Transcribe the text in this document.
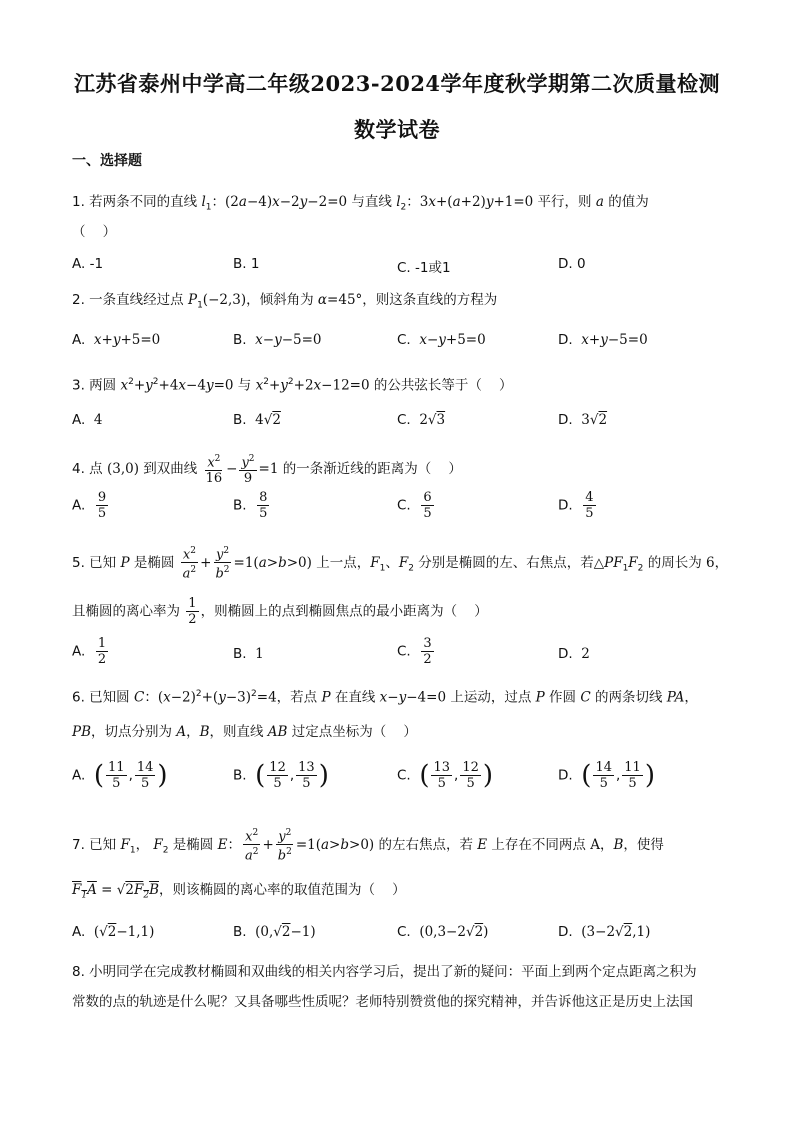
江苏省泰州中学高二年级2023-2024学年度秋学期第二次质量检测
数学试卷
一、选择题
1. 若两条不同的直线 $l_1$：(2a−4)x−2y−2=0 与直线 $l_2$：3x+(a+2)y+1=0 平行，则 a 的值为
（    ）
A. -1	B. 1	C. -1或1	D. 0
2. 一条直线经过点 $P_1(-2,3)$，倾斜角为 α=45°，则这条直线的方程为
A.  x+y+5=0	B.  x−y−5=0	C.  x−y+5=0	D.  x+y−5=0
3. 两圆 $x^2+y^2+4x-4y=0$ 与 $x^2+y^2+2x-12=0$ 的公共弦长等于（    ）
A.  4	B.  4√2	C.  2√3	D.  3√2
4. 点 (3,0) 到双曲线 $\frac{x^2}{16} - \frac{y^2}{9} =1$ 的一条渐近线的距离为（    ）
A. $\frac{9}{5}$	B. $\frac{8}{5}$	C. $\frac{6}{5}$	D. $\frac{4}{5}$
5. 已知 P 是椭圆 $\frac{x^2}{a^2} + \frac{y^2}{b^2} =1(a>b>0)$ 上一点，$F_1$、$F_2$ 分别是椭圆的左、右焦点，若$\triangle PF_1F_2$ 的周长为 6，
且椭圆的离心率为 $\frac{1}{2}$ ，则椭圆上的点到椭圆焦点的最小距离为（    ）
A. $\frac{1}{2}$	B.  1	C. $\frac{3}{2}$	D.  2
6. 已知圆 C：$(x-2)^2+(y-3)^2=4$，若点 P 在直线 x−y−4=0 上运动，过点 P 作圆 C 的两条切线 PA，
PB，切点分别为 A，B，则直线 AB 过定点坐标为（    ）
A.  ( $\frac{11}{5}$ , $\frac{14}{5}$ )	B.  ( $\frac{12}{5}$ , $\frac{13}{5}$ )	C.  ( $\frac{13}{5}$ , $\frac{12}{5}$ )	D.  ( $\frac{14}{5}$ , $\frac{11}{5}$ )
7. 已知 $F_1$， $F_2$ 是椭圆 E： $\frac{x^2}{a^2} + \frac{y^2}{b^2} =1(a>b>0)$ 的左右焦点，若 E 上存在不同两点 A，B，使得
$F_1A = √2F_2B$，则该椭圆的离心率的取值范围为（    ）
A.  (√2−1,1)	B.  (0,√2−1)	C.  (0,3−2√2)	D.  (3−2√2,1)
8. 小明同学在完成教材椭圆和双曲线的相关内容学习后，提出了新的疑问：平面上到两个定点距离之积为
常数的点的轨迹是什么呢？又具备哪些性质呢？老师特别赞赏他的探究精神，并告诉他这正是历史上法国
